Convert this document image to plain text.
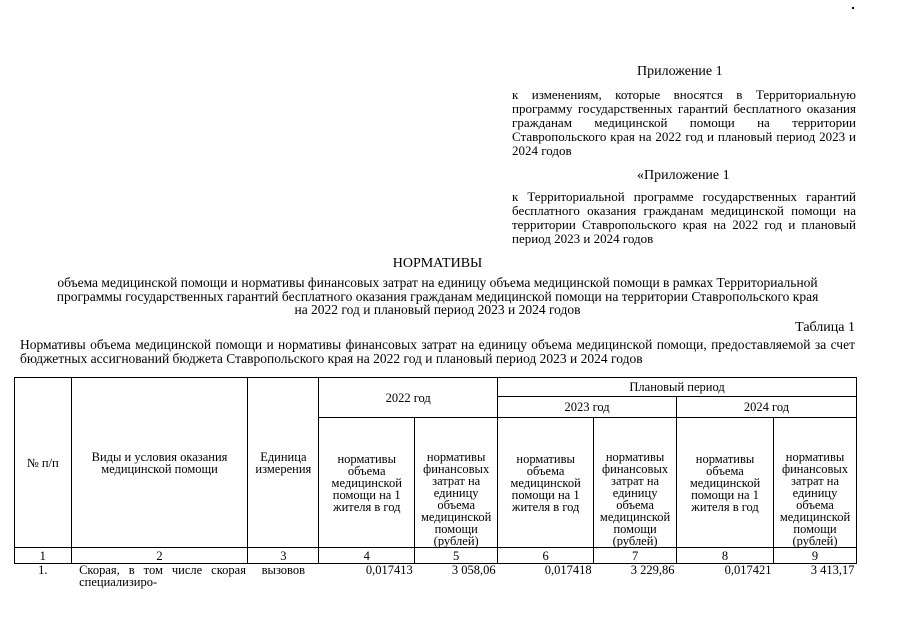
Приложение 1
к изменениям, которые вносятся в Территориальную программу государственных гарантий бесплатного оказания гражданам медицинской помощи на территории Ставропольского края на 2022 год и плановый период 2023 и 2024 годов
«Приложение 1
к Территориальной программе государственных гарантий бесплатного оказания гражданам медицинской помощи на территории Ставропольского края на 2022 год и плановый период 2023 и 2024 годов
НОРМАТИВЫ
объема медицинской помощи и нормативы финансовых затрат на единицу объема медицинской помощи в рамках Территориальной программы государственных гарантий бесплатного оказания гражданам медицинской помощи на территории Ставропольского края на 2022 год и плановый период 2023 и 2024 годов
Таблица 1
Нормативы объема медицинской помощи и нормативы финансовых затрат на единицу объема медицинской помощи, предоставляемой за счет бюджетных ассигнований бюджета Ставропольского края на 2022 год и плановый период 2023 и 2024 годов
№ п/п	Виды и условия оказания медицинской помощи	Единица измерения	2022 год		Плановый период			
					2023 год		2024 год	
			нормативы объема медицинской помощи на 1 жителя в год	нормативы финансовых затрат на единицу объема медицинской помощи (рублей)	нормативы объема медицинской помощи на 1 жителя в год	нормативы финансовых затрат на единицу объема медицинской помощи (рублей)	нормативы объема медицинской помощи на 1 жителя в год	нормативы финансовых затрат на единицу объема медицинской помощи (рублей)
1	2	3	4	5	6	7	8	9
1.	Скорая, в том числе скорая специализиро-	вызовов	0,017413	3 058,06	0,017418	3 229,86	0,017421	3 413,17
